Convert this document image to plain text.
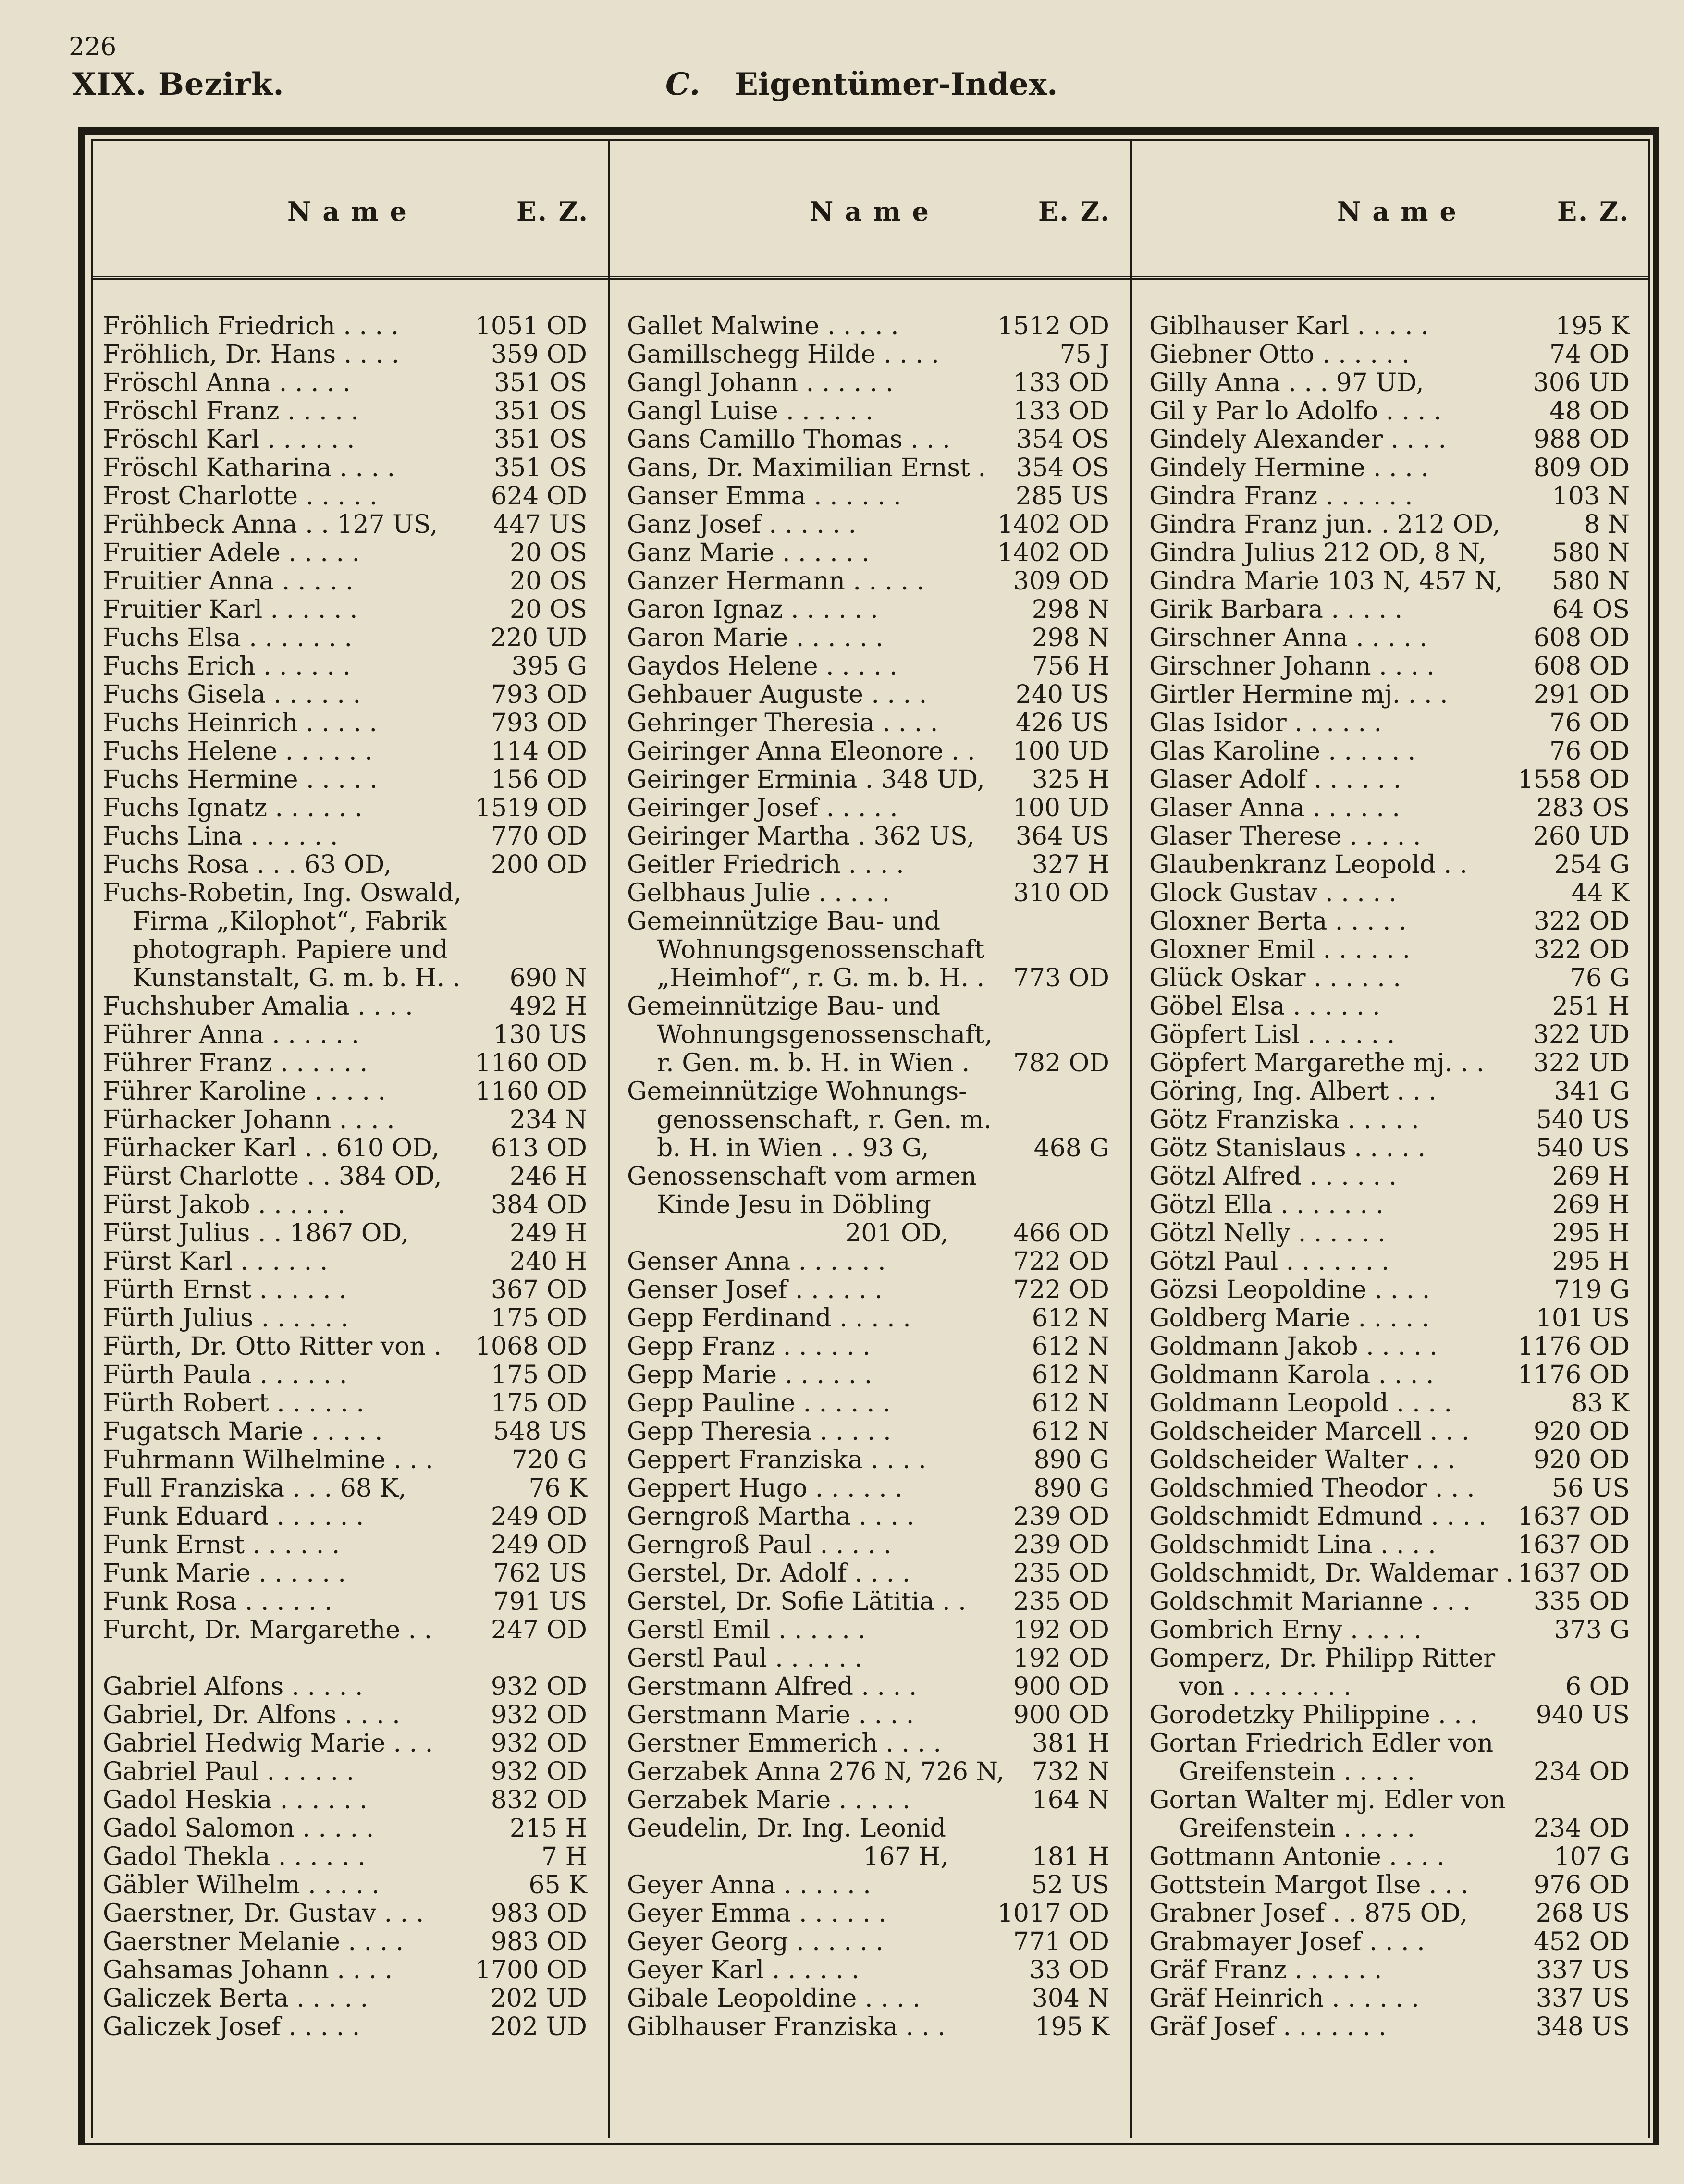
226
XIX. Bezirk.	C. Eigentümer-Index.
Name	E. Z.	Name	E. Z.	Name	E. Z.
Fröhlich Friedrich . . . .	1051 OD
Fröhlich, Dr. Hans . . . .	359 OD
Fröschl Anna . . . . .	351 OS
Fröschl Franz . . . . .	351 OS
Fröschl Karl . . . . . .	351 OS
Fröschl Katharina . . . .	351 OS
Frost Charlotte . . . . .	624 OD
Frühbeck Anna . . 127 US,	447 US
Fruitier Adele . . . . .	20 OS
Fruitier Anna . . . . .	20 OS
Fruitier Karl . . . . . .	20 OS
Fuchs Elsa . . . . . . .	220 UD
Fuchs Erich . . . . . .	395 G
Fuchs Gisela . . . . . .	793 OD
Fuchs Heinrich . . . . .	793 OD
Fuchs Helene . . . . . .	114 OD
Fuchs Hermine . . . . .	156 OD
Fuchs Ignatz . . . . . .	1519 OD
Fuchs Lina . . . . . .	770 OD
Fuchs Rosa . . . 63 OD,	200 OD
Fuchs-Robetin, Ing. Oswald,
Firma „Kilophot“, Fabrik
photograph. Papiere und
Kunstanstalt, G. m. b. H. .	690 N
Fuchshuber Amalia . . . .	492 H
Führer Anna . . . . . .	130 US
Führer Franz . . . . . .	1160 OD
Führer Karoline . . . . .	1160 OD
Fürhacker Johann . . . .	234 N
Fürhacker Karl . . 610 OD,	613 OD
Fürst Charlotte . . 384 OD,	246 H
Fürst Jakob . . . . . .	384 OD
Fürst Julius . . 1867 OD,	249 H
Fürst Karl . . . . . .	240 H
Fürth Ernst . . . . . .	367 OD
Fürth Julius . . . . . .	175 OD
Fürth, Dr. Otto Ritter von .	1068 OD
Fürth Paula . . . . . .	175 OD
Fürth Robert . . . . . .	175 OD
Fugatsch Marie . . . . .	548 US
Fuhrmann Wilhelmine . . .	720 G
Full Franziska . . . 68 K,	76 K
Funk Eduard . . . . . .	249 OD
Funk Ernst . . . . . .	249 OD
Funk Marie . . . . . .	762 US
Funk Rosa . . . . . .	791 US
Furcht, Dr. Margarethe . .	247 OD
Gabriel Alfons . . . . .	932 OD
Gabriel, Dr. Alfons . . . .	932 OD
Gabriel Hedwig Marie . . .	932 OD
Gabriel Paul . . . . . .	932 OD
Gadol Heskia . . . . . .	832 OD
Gadol Salomon . . . . .	215 H
Gadol Thekla . . . . . .	7 H
Gäbler Wilhelm . . . . .	65 K
Gaerstner, Dr. Gustav . . .	983 OD
Gaerstner Melanie . . . .	983 OD
Gahsamas Johann . . . .	1700 OD
Galiczek Berta . . . . .	202 UD
Galiczek Josef . . . . .	202 UD
Gallet Malwine . . . . .	1512 OD
Gamillschegg Hilde . . . .	75 J
Gangl Johann . . . . . .	133 OD
Gangl Luise . . . . . .	133 OD
Gans Camillo Thomas . . .	354 OS
Gans, Dr. Maximilian Ernst .	354 OS
Ganser Emma . . . . . .	285 US
Ganz Josef . . . . . .	1402 OD
Ganz Marie . . . . . .	1402 OD
Ganzer Hermann . . . . .	309 OD
Garon Ignaz . . . . . .	298 N
Garon Marie . . . . . .	298 N
Gaydos Helene . . . . .	756 H
Gehbauer Auguste . . . .	240 US
Gehringer Theresia . . . .	426 US
Geiringer Anna Eleonore . .	100 UD
Geiringer Erminia . 348 UD,	325 H
Geiringer Josef . . . . .	100 UD
Geiringer Martha . 362 US,	364 US
Geitler Friedrich . . . .	327 H
Gelbhaus Julie . . . . .	310 OD
Gemeinnützige Bau- und
Wohnungsgenossenschaft
„Heimhof“, r. G. m. b. H. .	773 OD
Gemeinnützige Bau- und
Wohnungsgenossenschaft,
r. Gen. m. b. H. in Wien .	782 OD
Gemeinnützige Wohnungs-
genossenschaft, r. Gen. m.
b. H. in Wien . . 93 G,	468 G
Genossenschaft vom armen
Kinde Jesu in Döbling
201 OD,	466 OD
Genser Anna . . . . . .	722 OD
Genser Josef . . . . . .	722 OD
Gepp Ferdinand . . . . .	612 N
Gepp Franz . . . . . .	612 N
Gepp Marie . . . . . .	612 N
Gepp Pauline . . . . . .	612 N
Gepp Theresia . . . . .	612 N
Geppert Franziska . . . .	890 G
Geppert Hugo . . . . . .	890 G
Gerngroß Martha . . . .	239 OD
Gerngroß Paul . . . . .	239 OD
Gerstel, Dr. Adolf . . . .	235 OD
Gerstel, Dr. Sofie Lätitia . .	235 OD
Gerstl Emil . . . . . .	192 OD
Gerstl Paul . . . . . .	192 OD
Gerstmann Alfred . . . .	900 OD
Gerstmann Marie . . . .	900 OD
Gerstner Emmerich . . . .	381 H
Gerzabek Anna 276 N, 726 N,	732 N
Gerzabek Marie . . . . .	164 N
Geudelin, Dr. Ing. Leonid
167 H,	181 H
Geyer Anna . . . . . .	52 US
Geyer Emma . . . . . .	1017 OD
Geyer Georg . . . . . .	771 OD
Geyer Karl . . . . . .	33 OD
Gibale Leopoldine . . . .	304 N
Giblhauser Franziska . . .	195 K
Giblhauser Karl . . . . .	195 K
Giebner Otto . . . . . .	74 OD
Gilly Anna . . . 97 UD,	306 UD
Gil y Par lo Adolfo . . . .	48 OD
Gindely Alexander . . . .	988 OD
Gindely Hermine . . . .	809 OD
Gindra Franz . . . . . .	103 N
Gindra Franz jun. . 212 OD,	8 N
Gindra Julius 212 OD, 8 N,	580 N
Gindra Marie 103 N, 457 N,	580 N
Girik Barbara . . . . .	64 OS
Girschner Anna . . . . .	608 OD
Girschner Johann . . . .	608 OD
Girtler Hermine mj. . . .	291 OD
Glas Isidor . . . . . .	76 OD
Glas Karoline . . . . . .	76 OD
Glaser Adolf . . . . . .	1558 OD
Glaser Anna . . . . . .	283 OS
Glaser Therese . . . . .	260 UD
Glaubenkranz Leopold . .	254 G
Glock Gustav . . . . .	44 K
Gloxner Berta . . . . .	322 OD
Gloxner Emil . . . . . .	322 OD
Glück Oskar . . . . . .	76 G
Göbel Elsa . . . . . .	251 H
Göpfert Lisl . . . . . .	322 UD
Göpfert Margarethe mj. . .	322 UD
Göring, Ing. Albert . . .	341 G
Götz Franziska . . . . .	540 US
Götz Stanislaus . . . . .	540 US
Götzl Alfred . . . . . .	269 H
Götzl Ella . . . . . . .	269 H
Götzl Nelly . . . . . .	295 H
Götzl Paul . . . . . . .	295 H
Gözsi Leopoldine . . . .	719 G
Goldberg Marie . . . . .	101 US
Goldmann Jakob . . . . .	1176 OD
Goldmann Karola . . . .	1176 OD
Goldmann Leopold . . . .	83 K
Goldscheider Marcell . . .	920 OD
Goldscheider Walter . . .	920 OD
Goldschmied Theodor . . .	56 US
Goldschmidt Edmund . . . .	1637 OD
Goldschmidt Lina . . . .	1637 OD
Goldschmidt, Dr. Waldemar . 1637 OD
Goldschmit Marianne . . .	335 OD
Gombrich Erny . . . . .	373 G
Gomperz, Dr. Philipp Ritter
von . . . . . . . .	6 OD
Gorodetzky Philippine . . .	940 US
Gortan Friedrich Edler von
Greifenstein . . . . .	234 OD
Gortan Walter mj. Edler von
Greifenstein . . . . .	234 OD
Gottmann Antonie . . . .	107 G
Gottstein Margot Ilse . . .	976 OD
Grabner Josef . . 875 OD,	268 US
Grabmayer Josef . . . .	452 OD
Gräf Franz . . . . . .	337 US
Gräf Heinrich . . . . . .	337 US
Gräf Josef . . . . . . .	348 US
